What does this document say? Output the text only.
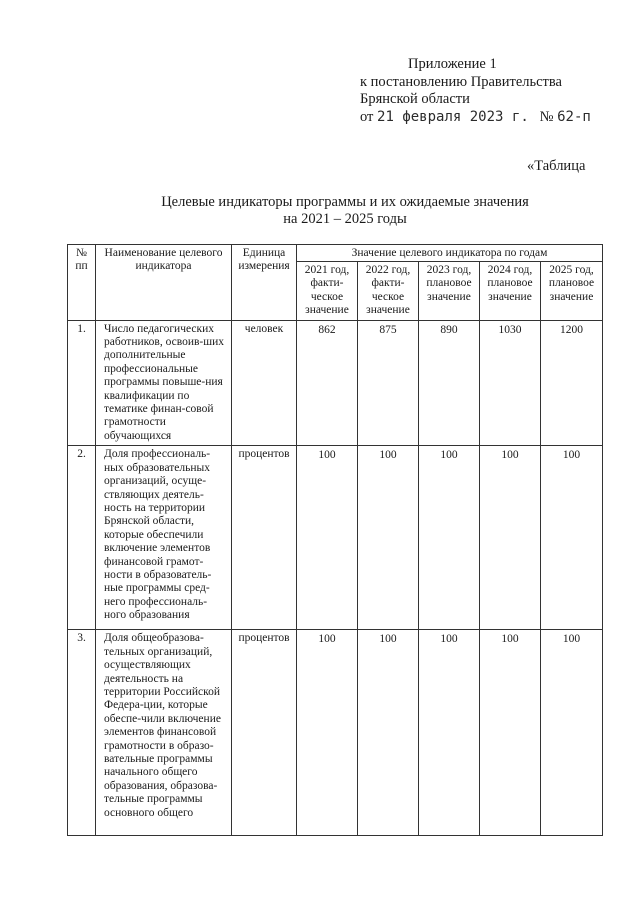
Приложение 1
к постановлению Правительства
Брянской области
от 21 февраля 2023 г. № 62-п
«Таблица
Целевые индикаторы программы и их ожидаемые значения
на 2021 – 2025 годы
№ пп	Наименование целевого индикатора	Единица измерения	Значение целевого индикатора по годам				
			2021 год, факти-ческое значение	2022 год, факти-ческое значение	2023 год, плановое значение	2024 год, плановое значение	2025 год, плановое значение
1.	Число педагогических работников, освоив-ших дополнительные профессиональные программы повыше-ния квалификации по тематике финан-совой грамотности обучающихся	человек	862	875	890	1030	1200
2.	Доля профессиональ-ных образовательных организаций, осуще-ствляющих деятель-ность на территории Брянской области, которые обеспечили включение элементов финансовой грамот-ности в образователь-ные программы сред-него профессиональ-ного образования	процентов	100	100	100	100	100
3.	Доля общеобразова-тельных организаций, осуществляющих деятельность на территории Российской Федера-ции, которые обеспе-чили включение элементов финансовой грамотности в образо-вательные программы начального общего образования, образова-тельные программы основного общего	процентов	100	100	100	100	100
